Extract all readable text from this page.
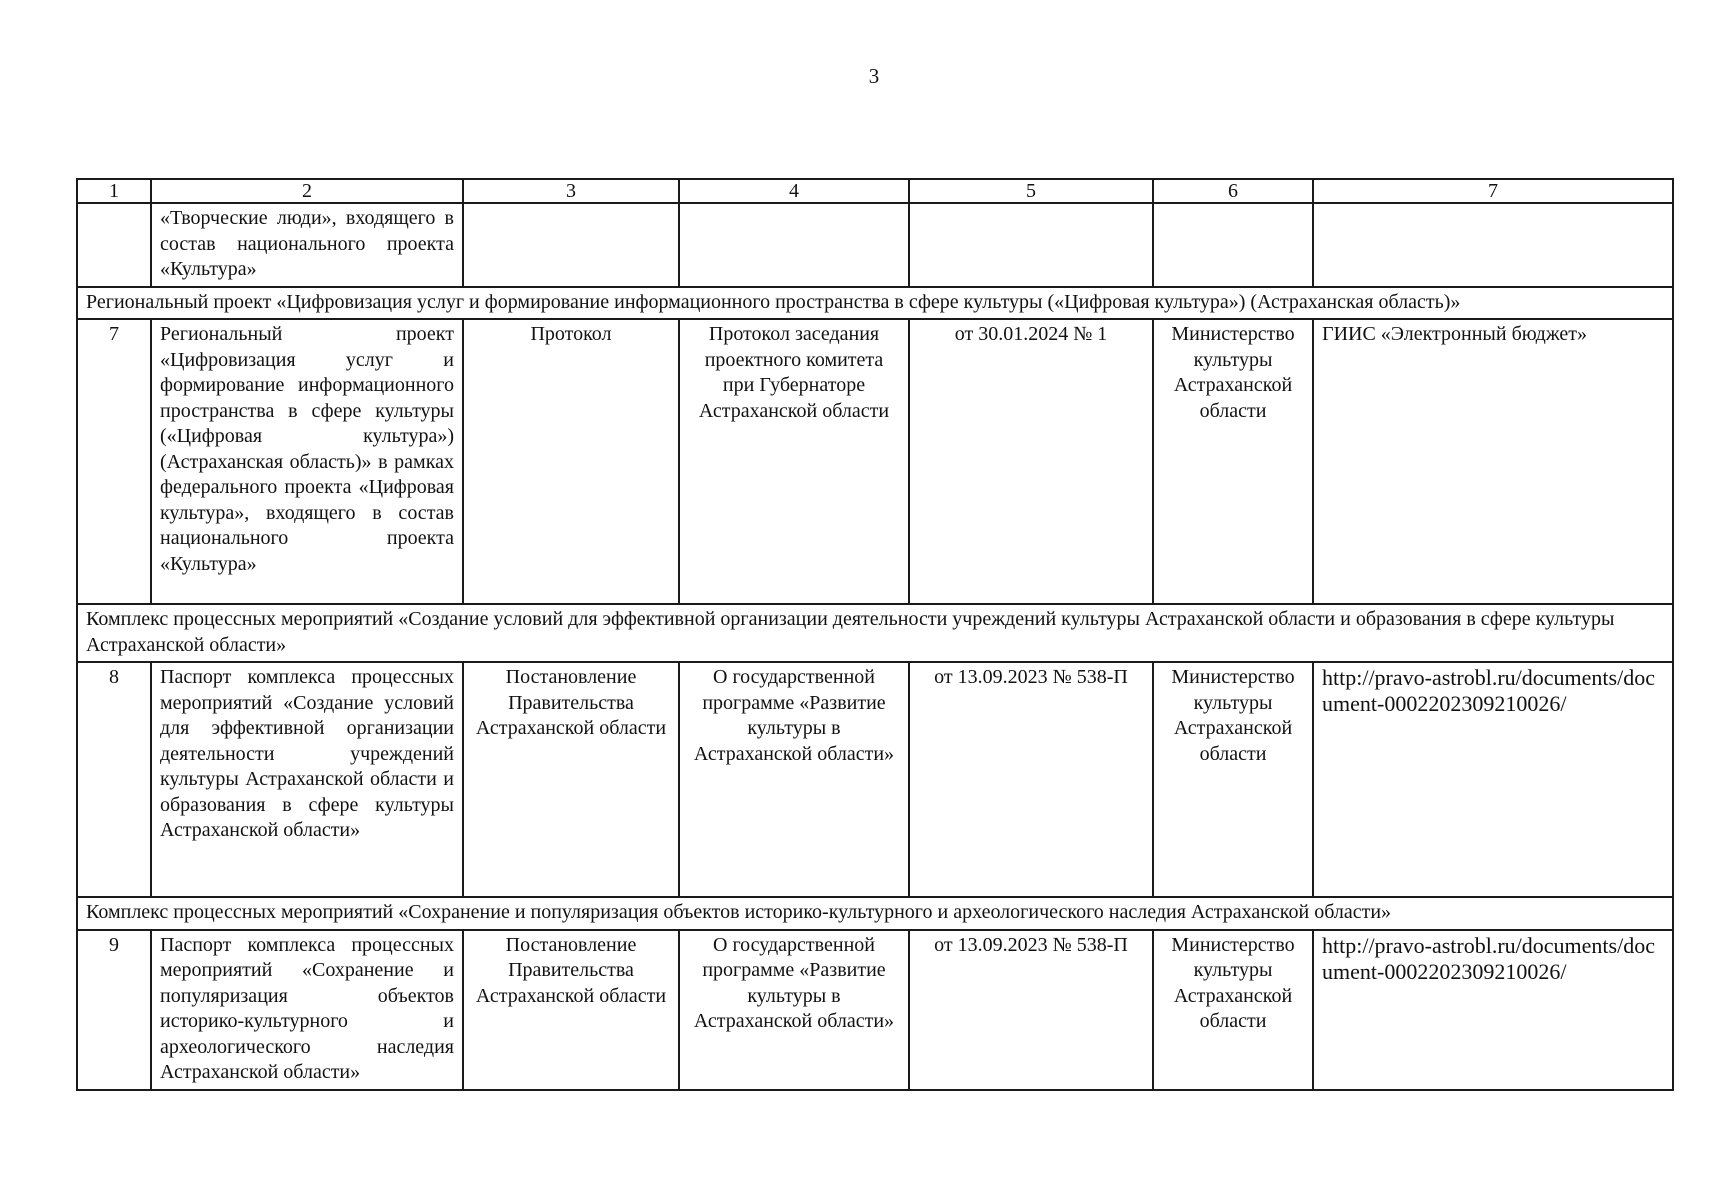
3
1	2	3	4	5	6	7
	«Творческие люди», входящего в состав национального проекта «Культура»					
Региональный проект «Цифровизация услуг и формирование информационного пространства в сфере культуры («Цифровая культура») (Астраханская область)»						
7	Региональный проект «Цифровизация услуг и формирование информационного пространства в сфере культуры («Цифровая культура») (Астраханская область)» в рамках федерального проекта «Цифровая культура», входящего в состав национального проекта «Культура»	Протокол	Протокол заседания проектного комитета при Губернаторе Астраханской области	от 30.01.2024 № 1	Министерство культуры Астраханской области	ГИИС «Электронный бюджет»
Комплекс процессных мероприятий «Создание условий для эффективной организации деятельности учреждений культуры Астраханской области и образования в сфере культуры Астраханской области»						
8	Паспорт комплекса процессных мероприятий «Создание условий для эффективной организации деятельности учреждений культуры Астраханской области и образования в сфере культуры Астраханской области»	Постановление Правительства Астраханской области	О государственной программе «Развитие культуры в Астраханской области»	от 13.09.2023 № 538-П	Министерство культуры Астраханской области	http://pravo-astrobl.ru/documents/document-0002202309210026/
Комплекс процессных мероприятий «Сохранение и популяризация объектов историко-культурного и археологического наследия Астраханской области»						
9	Паспорт комплекса процессных мероприятий «Сохранение и популяризация объектов историко-культурного и археологического наследия Астраханской области»	Постановление Правительства Астраханской области	О государственной программе «Развитие культуры в Астраханской области»	от 13.09.2023 № 538-П	Министерство культуры Астраханской области	http://pravo-astrobl.ru/documents/document-0002202309210026/
